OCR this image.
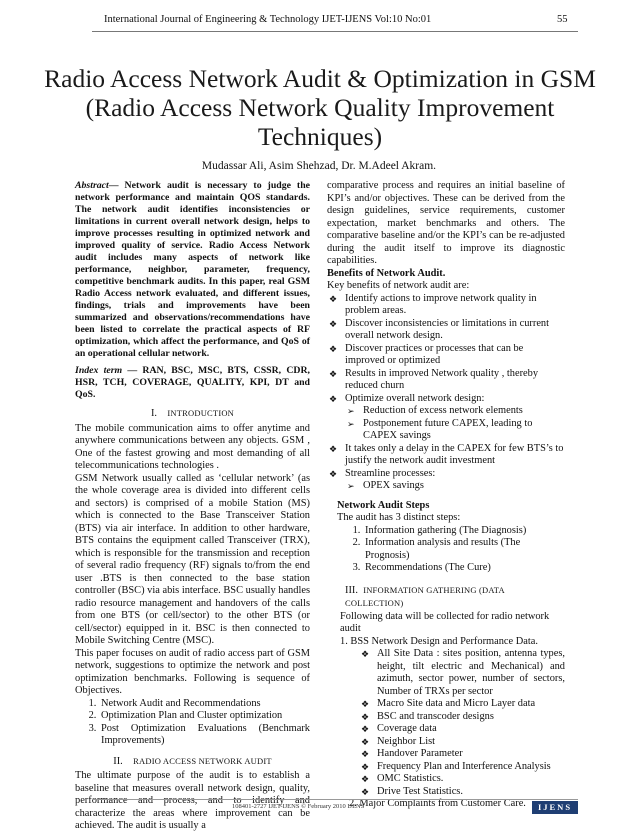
International Journal of Engineering & Technology IJET-IJENS Vol:10 No:01	55
Radio Access Network Audit & Optimization in GSM (Radio Access Network Quality Improvement Techniques)
Mudassar Ali, Asim Shehzad, Dr. M.Adeel Akram.

Abstract— Network audit is necessary to judge the network performance and maintain QOS standards. The network audit identifies inconsistencies or limitations in current overall network design, helps to improve processes resulting in optimized network and improved quality of service. Radio Access Network audit includes many aspects of network like performance, neighbor, parameter, frequency, competitive benchmark audits. In this paper, real GSM Radio Access network evaluated, and different issues, findings, trials and improvements have been summarized and observations/recommendations have been listed to correlate the practical aspects of RF optimization, which affect the performance, and QoS of an operational cellular network.

Index term — RAN, BSC, MSC, BTS, CSSR, CDR, HSR, TCH, COVERAGE, QUALITY, KPI, DT and QoS.

I. INTRODUCTION

The mobile communication aims to offer anytime and anywhere communications between any objects. GSM , One of the fastest growing and most demanding of all telecommunications technologies .

GSM Network usually called as ‘cellular network’ (as the whole coverage area is divided into different cells and sectors) is comprised of a mobile Station (MS) which is connected to the Base Transceiver Station (BTS) via air interface. In addition to other hardware, BTS contains the equipment called Transceiver (TRX), which is responsible for the transmission and reception of several radio frequency (RF) signals to/from the end user .BTS is then connected to the base station controller (BSC) via abis interface. BSC usually handles radio resource management and handovers of the calls from one BTS (or cell/sector) to the other BTS (or cell/sector) equipped in it. BSC is then connected to Mobile Switching Centre (MSC).

This paper focuses on audit of radio access part of GSM network, suggestions to optimize the network and post optimization benchmarks. Following is sequence of Objectives.

1. Network Audit and Recommendations
2. Optimization Plan and Cluster optimization
3. Post Optimization Evaluations (Benchmark Improvements)
II. RADIO ACCESS NETWORK AUDIT

The ultimate purpose of the audit is to establish a baseline that measures overall network design, quality, performance and process, and to identify and characterize the areas where improvement can be achieved. The audit is usually a

comparative process and requires an initial baseline of KPI’s and/or objectives. These can be derived from the design guidelines, service requirements, customer expectation, market benchmarks and others. The comparative baseline and/or the KPI’s can be re-adjusted during the audit itself to improve its diagnostic capabilities.

Benefits of Network Audit.

Key benefits of network audit are:

❖ Identify actions to improve network quality in problem areas.
❖ Discover inconsistencies or limitations in current overall network design.
❖ Discover practices or processes that can be improved or optimized
❖ Results in improved Network quality , thereby reduced churn
❖ Optimize overall network design:
➢ Reduction of excess network elements
➢ Postponement future CAPEX, leading to CAPEX savings
❖ It takes only a delay in the CAPEX for few BTS’s to justify the network audit investment
❖ Streamline processes:
➢ OPEX savings

Network Audit Steps

The audit has 3 distinct steps:

1. Information gathering (The Diagnosis)
2. Information analysis and results (The Prognosis)
3. Recommendations (The Cure)
III. INFORMATION GATHERING (DATA COLLECTION)

Following data will be collected for radio network audit

1. BSS Network Design and Performance Data.

❖ All Site Data : sites position, antenna types, height, tilt electric and Mechanical) and azimuth, sector power, number of sectors, Number of TRXs per sector
❖ Macro Site data and Micro Layer data
❖ BSC and transcoder designs
❖ Coverage data
❖ Neighbor List
❖ Handover Parameter
❖ Frequency Plan and Interference Analysis
❖ OMC Statistics.
❖ Drive Test Statistics.

2. Major Complaints from Customer Care.

108401-2727 IJET-IJENS © February 2010 IJENS	IJENS
